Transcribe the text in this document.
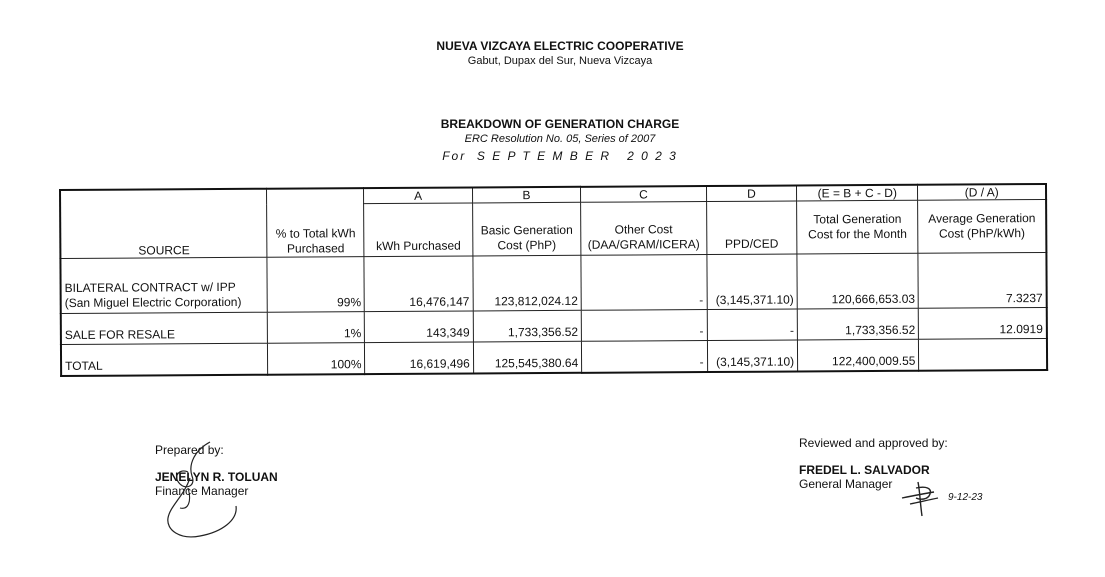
NUEVA VIZCAYA ELECTRIC COOPERATIVE
Gabut, Dupax del Sur, Nueva Vizcaya
BREAKDOWN OF GENERATION CHARGE
ERC Resolution No. 05, Series of 2007
For  S E P T E M B E R   2 0 2 3
SOURCE	% to Total kWh Purchased	A	B	C	D	(E = B + C - D)	(D / A)
		kWh Purchased	Basic Generation Cost (PhP)	Other Cost (DAA/GRAM/ICERA)	PPD/CED	Total Generation Cost for the Month	Average Generation Cost (PhP/kWh)

BILATERAL CONTRACT w/ IPP
(San Miguel Electric Corporation)	99%	16,476,147	123,812,024.12	-	(3,145,371.10)	120,666,653.03	7.3237
SALE FOR RESALE	1%	143,349	1,733,356.52	-	-	1,733,356.52	12.0919
TOTAL	100%	16,619,496	125,545,380.64	-	(3,145,371.10)	122,400,009.55	
Prepared by:
JENELYN R. TOLUAN
Finance Manager
Reviewed and approved by:
FREDEL L. SALVADOR
General Manager
9-12-23
